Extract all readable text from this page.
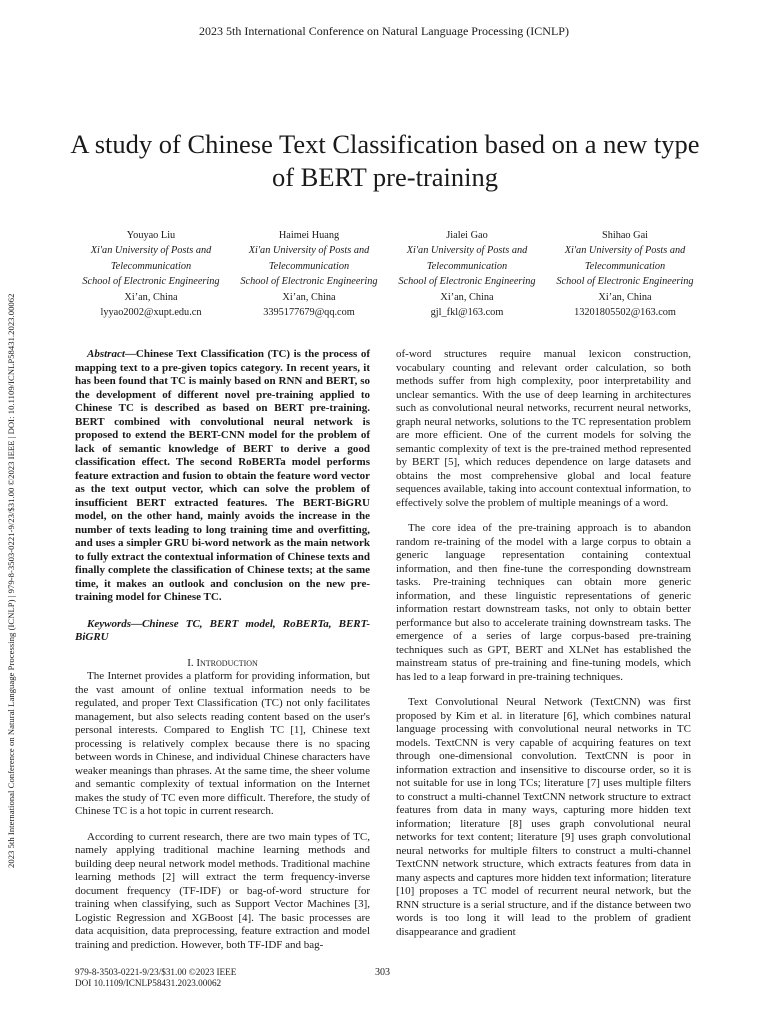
2023 5th International Conference on Natural Language Processing (ICNLP)
2023 5th International Conference on Natural Language Processing (ICNLP) | 979-8-3503-0221-9/23/$31.00 ©2023 IEEE | DOI: 10.1109/ICNLP58431.2023.00062
A study of Chinese Text Classification based on a new type of BERT pre-training
Youyao Liu
Xi'an University of Posts and
Telecommunication
School of Electronic Engineering
Xi’an, China
lyyao2002@xupt.edu.cn
Haimei Huang
Xi'an University of Posts and
Telecommunication
School of Electronic Engineering
Xi’an, China
3395177679@qq.com
Jialei Gao
Xi'an University of Posts and
Telecommunication
School of Electronic Engineering
Xi’an, China
gjl_fkl@163.com
Shihao Gai
Xi'an University of Posts and
Telecommunication
School of Electronic Engineering
Xi’an, China
13201805502@163.com

Abstract—Chinese Text Classification (TC) is the process of mapping text to a pre-given topics category. In recent years, it has been found that TC is mainly based on RNN and BERT, so the development of different novel pre-training applied to Chinese TC is described as based on BERT pre-training. BERT combined with convolutional neural network is proposed to extend the BERT-CNN model for the problem of lack of semantic knowledge of BERT to derive a good classification effect. The second RoBERTa model performs feature extraction and fusion to obtain the feature word vector as the text output vector, which can solve the problem of insufficient BERT extracted features. The BERT-BiGRU model, on the other hand, mainly avoids the increase in the number of texts leading to long training time and overfitting, and uses a simpler GRU bi-word network as the main network to fully extract the contextual information of Chinese texts and finally complete the classification of Chinese texts; at the same time, it makes an outlook and conclusion on the new pre-training model for Chinese TC.

Keywords—Chinese TC, BERT model, RoBERTa, BERT-BiGRU

I. Introduction

The Internet provides a platform for providing information, but the vast amount of online textual information needs to be regulated, and proper Text Classification (TC) not only facilitates management, but also selects reading content based on the user's personal interests. Compared to English TC [1], Chinese text processing is relatively complex because there is no spacing between words in Chinese, and individual Chinese characters have weaker meanings than phrases. At the same time, the sheer volume and semantic complexity of textual information on the Internet makes the study of TC even more difficult. Therefore, the study of Chinese TC is a hot topic in current research.

According to current research, there are two main types of TC, namely applying traditional machine learning methods and building deep neural network model methods. Traditional machine learning methods [2] will extract the term frequency-inverse document frequency (TF-IDF) or bag-of-word structure for training when classifying, such as Support Vector Machines [3], Logistic Regression and XGBoost [4]. The basic processes are data acquisition, data preprocessing, feature extraction and model training and prediction. However, both TF-IDF and bag-

of-word structures require manual lexicon construction, vocabulary counting and relevant order calculation, so both methods suffer from high complexity, poor interpretability and unclear semantics. With the use of deep learning in architectures such as convolutional neural networks, recurrent neural networks, graph neural networks, solutions to the TC representation problem are more efficient. One of the current models for solving the semantic complexity of text is the pre-trained method represented by BERT [5], which reduces dependence on large datasets and obtains the most comprehensive global and local feature sequences available, taking into account contextual information, to effectively solve the problem of multiple meanings of a word.

The core idea of the pre-training approach is to abandon random re-training of the model with a large corpus to obtain a generic language representation containing contextual information, and then fine-tune the corresponding downstream tasks. Pre-training techniques can obtain more generic information, and these linguistic representations of generic information restart downstream tasks, not only to obtain better performance but also to accelerate training downstream tasks. The emergence of a series of large corpus-based pre-training techniques such as GPT, BERT and XLNet has established the mainstream status of pre-training and fine-tuning models, which has led to a leap forward in pre-training techniques.

Text Convolutional Neural Network (TextCNN) was first proposed by Kim et al. in literature [6], which combines natural language processing with convolutional neural networks in TC models. TextCNN is very capable of acquiring features on text through one-dimensional convolution. TextCNN is poor in information extraction and insensitive to discourse order, so it is not suitable for use in long TCs; literature [7] uses multiple filters to construct a multi-channel TextCNN network structure to extract features from data in many ways, capturing more hidden text information; literature [8] uses graph convolutional neural networks for text content; literature [9] uses graph convolutional neural networks for multiple filters to construct a multi-channel TextCNN network structure, which extracts features from data in many aspects and captures more hidden text information; literature [10] proposes a TC model of recurrent neural network, but the RNN structure is a serial structure, and if the distance between two words is too long it will lead to the problem of gradient disappearance and gradient

979-8-3503-0221-9/23/$31.00 ©2023 IEEE
DOI 10.1109/ICNLP58431.2023.00062
303
